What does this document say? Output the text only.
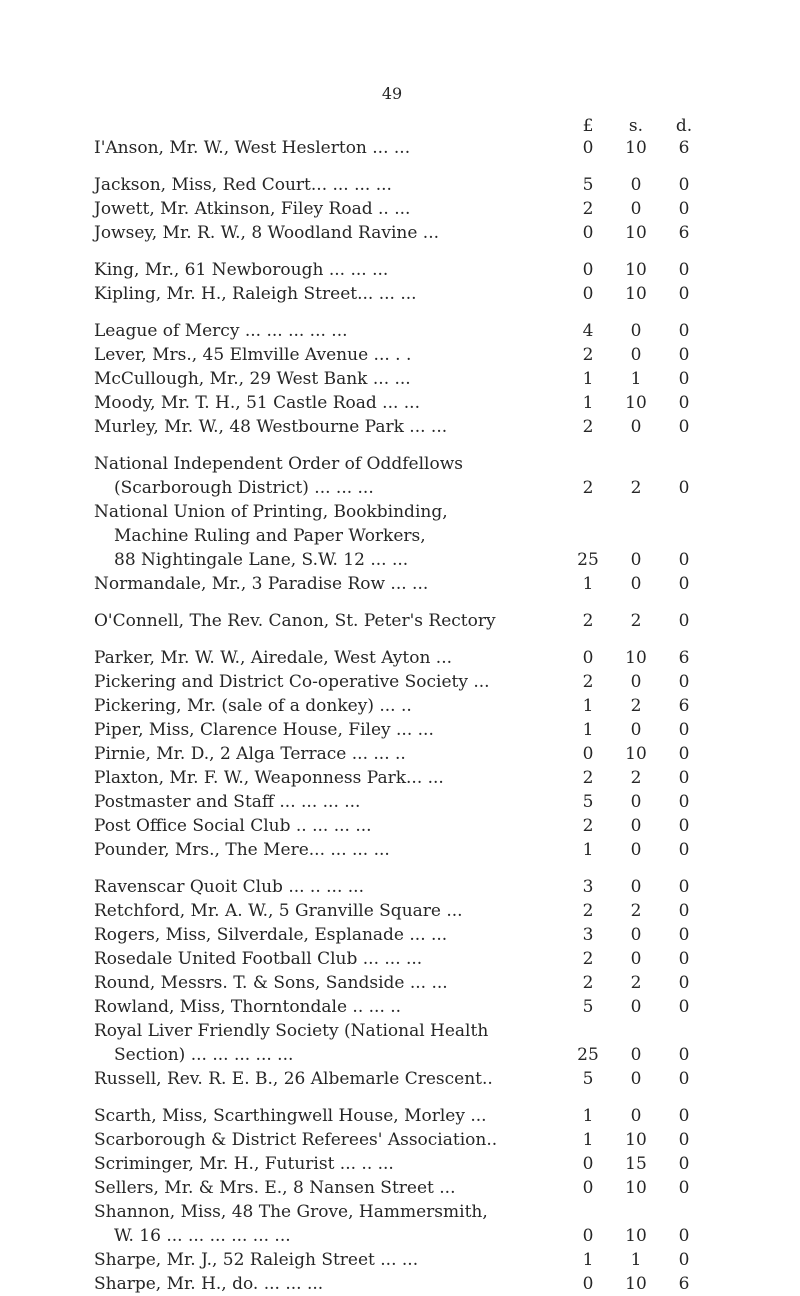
49
£	s.	d.
I'Anson, Mr. W., West Heslerton ... ...	0	10	6
Jackson, Miss, Red Court... ... ... ...	5	0	0
Jowett, Mr. Atkinson, Filey Road .. ...	2	0	0
Jowsey, Mr. R. W., 8 Woodland Ravine ...	0	10	6
King, Mr., 61 Newborough ... ... ...	0	10	0
Kipling, Mr. H., Raleigh Street... ... ...	0	10	0
League of Mercy ... ... ... ... ...	4	0	0
Lever, Mrs., 45 Elmville Avenue ... . .	2	0	0
McCullough, Mr., 29 West Bank ... ...	1	1	0
Moody, Mr. T. H., 51 Castle Road ... ...	1	10	0
Murley, Mr. W., 48 Westbourne Park ... ...	2	0	0
National Independent Order of Oddfellows
(Scarborough District) ... ... ...	2	2	0
National Union of Printing, Bookbinding,
Machine Ruling and Paper Workers,
88 Nightingale Lane, S.W. 12 ... ...	25	0	0
Normandale, Mr., 3 Paradise Row ... ...	1	0	0
O'Connell, The Rev. Canon, St. Peter's Rectory	2	2	0
Parker, Mr. W. W., Airedale, West Ayton ...	0	10	6
Pickering and District Co-operative Society ...	2	0	0
Pickering, Mr. (sale of a donkey) ... ..	1	2	6
Piper, Miss, Clarence House, Filey ... ...	1	0	0
Pirnie, Mr. D., 2 Alga Terrace ... ... ..	0	10	0
Plaxton, Mr. F. W., Weaponness Park... ...	2	2	0
Postmaster and Staff ... ... ... ...	5	0	0
Post Office Social Club .. ... ... ...	2	0	0
Pounder, Mrs., The Mere... ... ... ...	1	0	0
Ravenscar Quoit Club ... .. ... ...	3	0	0
Retchford, Mr. A. W., 5 Granville Square ...	2	2	0
Rogers, Miss, Silverdale, Esplanade ... ...	3	0	0
Rosedale United Football Club ... ... ...	2	0	0
Round, Messrs. T. & Sons, Sandside ... ...	2	2	0
Rowland, Miss, Thorntondale .. ... ..	5	0	0
Royal Liver Friendly Society (National Health
Section) ... ... ... ... ...	25	0	0
Russell, Rev. R. E. B., 26 Albemarle Crescent..	5	0	0
Scarth, Miss, Scarthingwell House, Morley ...	1	0	0
Scarborough & District Referees' Association..	1	10	0
Scriminger, Mr. H., Futurist ... .. ...	0	15	0
Sellers, Mr. & Mrs. E., 8 Nansen Street ...	0	10	0
Shannon, Miss, 48 The Grove, Hammersmith,
W. 16 ... ... ... ... ... ...	0	10	0
Sharpe, Mr. J., 52 Raleigh Street ... ...	1	1	0
Sharpe, Mr. H., do. ... ... ...	0	10	6
